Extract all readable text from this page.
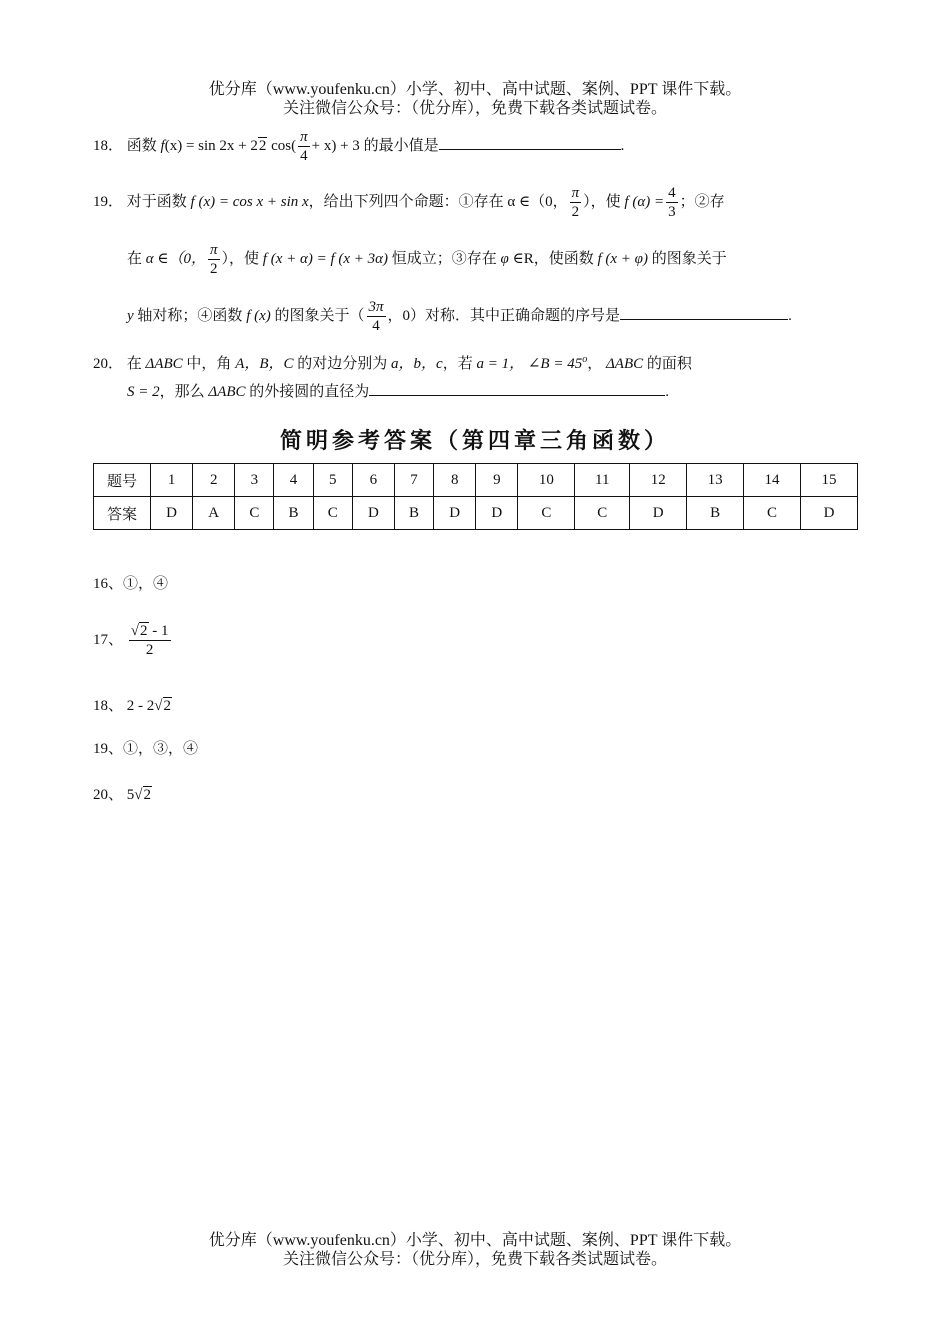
优分库（www.youfenku.cn）小学、初中、高中试题、案例、PPT 课件下载。
关注微信公众号：（优分库），免费下载各类试题试卷。
18． 函数 f(x) = sin 2x + 22 $\cos( \frac{\pi}{4} + x) + 3$ 的最小值是	.
19． 对于函数 f (x) = cos x + sin x，给出下列四个命题：①存在 α ∈（0， $\frac{\pi}{2}$ ），使 f $(\alpha) = \frac{4}{3}$ ；②存
在 α ∈（0， $\frac{\pi}{2}$ ），使 f (x + α) = f (x + 3α) 恒成立；③存在 φ ∈R，使函数 f (x + φ) 的图象关于
y 轴对称；④函数 f (x) 的图象关于（ $\frac{3\pi}{4}$ ，0）对称．其中正确命题的序号是	.
20． 在 ΔABC 中，角 A，B，C 的对边分别为 a，b，c，若 a = 1， ∠B = $45^o$， ΔABC 的面积
S = 2，那么 ΔABC 的外接圆的直径为	.
简明参考答案（第四章三角函数）
题号	1	2	3	4	5	6	7	8	9	10	11	12	13	14	15
答案	D	A	C	B	C	D	B	D	D	C	C	D	B	C	D
16、①，④
17、 $\frac{√2 - 1}{2}$
18、 2 - 2√2
19、①，③，④
20、 5√2
优分库（www.youfenku.cn）小学、初中、高中试题、案例、PPT 课件下载。
关注微信公众号：（优分库），免费下载各类试题试卷。
